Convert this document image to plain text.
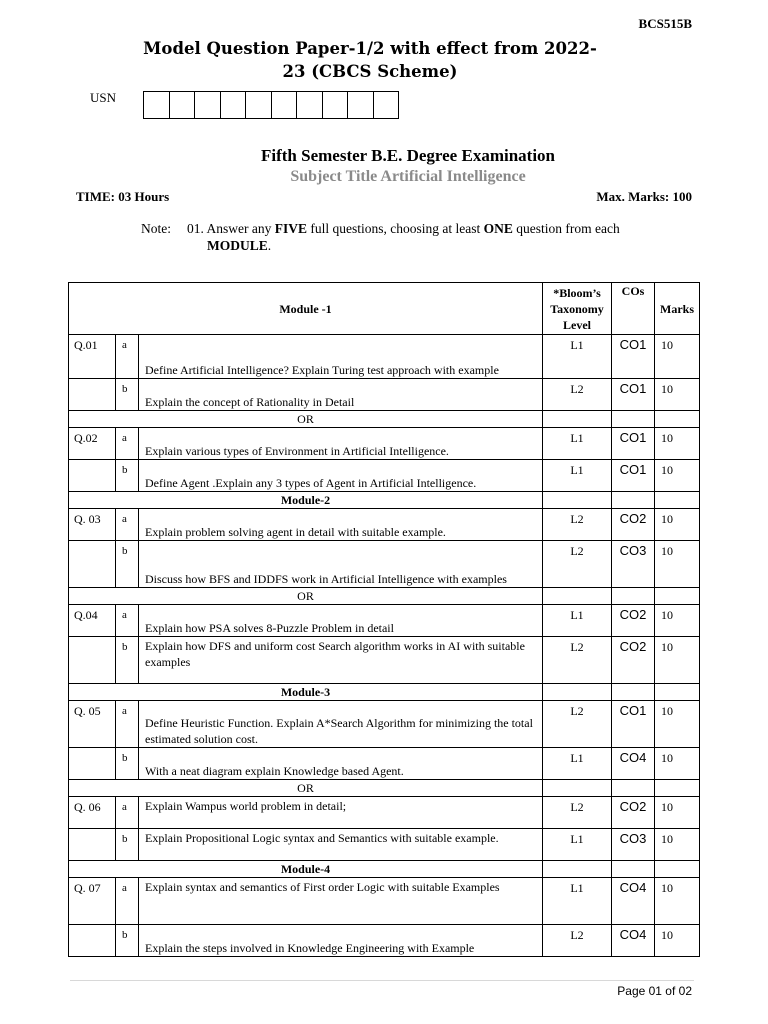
BCS515B
Model Question Paper-1/2 with effect from 2022-23 (CBCS Scheme)
USN
Fifth Semester B.E. Degree Examination
Subject Title Artificial Intelligence
TIME: 03 Hours	Max. Marks: 100
Note: 01. Answer any FIVE full questions, choosing at least ONE question from each
MODULE.
Module -1			*Bloom’s Taxonomy Level	COs	Marks
Q.01	a	Define Artificial Intelligence? Explain Turing test approach with example	L1	CO1	10
	b	Explain the concept of Rationality in Detail	L2	CO1	10
OR					
Q.02	a	Explain various types of Environment in Artificial Intelligence.	L1	CO1	10
	b	Define Agent .Explain any 3 types of Agent in Artificial Intelligence.	L1	CO1	10
Module-2					
Q. 03	a	Explain problem solving agent in detail with suitable example.	L2	CO2	10
	b	Discuss how BFS and IDDFS work in Artificial Intelligence with examples	L2	CO3	10
OR					
Q.04	a	Explain how PSA solves 8-Puzzle Problem in detail	L1	CO2	10
	b	Explain how DFS and uniform cost Search algorithm works in AI with suitable examples	L2	CO2	10
Module-3					
Q. 05	a	Define Heuristic Function. Explain A*Search Algorithm for minimizing the total estimated solution cost.	L2	CO1	10
	b	With a neat diagram explain Knowledge based Agent.	L1	CO4	10
OR					
Q. 06	a	Explain Wampus world problem in detail;	L2	CO2	10
	b	Explain Propositional Logic syntax and Semantics with suitable example.	L1	CO3	10
Module-4					
Q. 07	a	Explain syntax and semantics of First order Logic with suitable Examples	L1	CO4	10
	b	Explain the steps involved in Knowledge Engineering with Example	L2	CO4	10
Page 01 of 02
